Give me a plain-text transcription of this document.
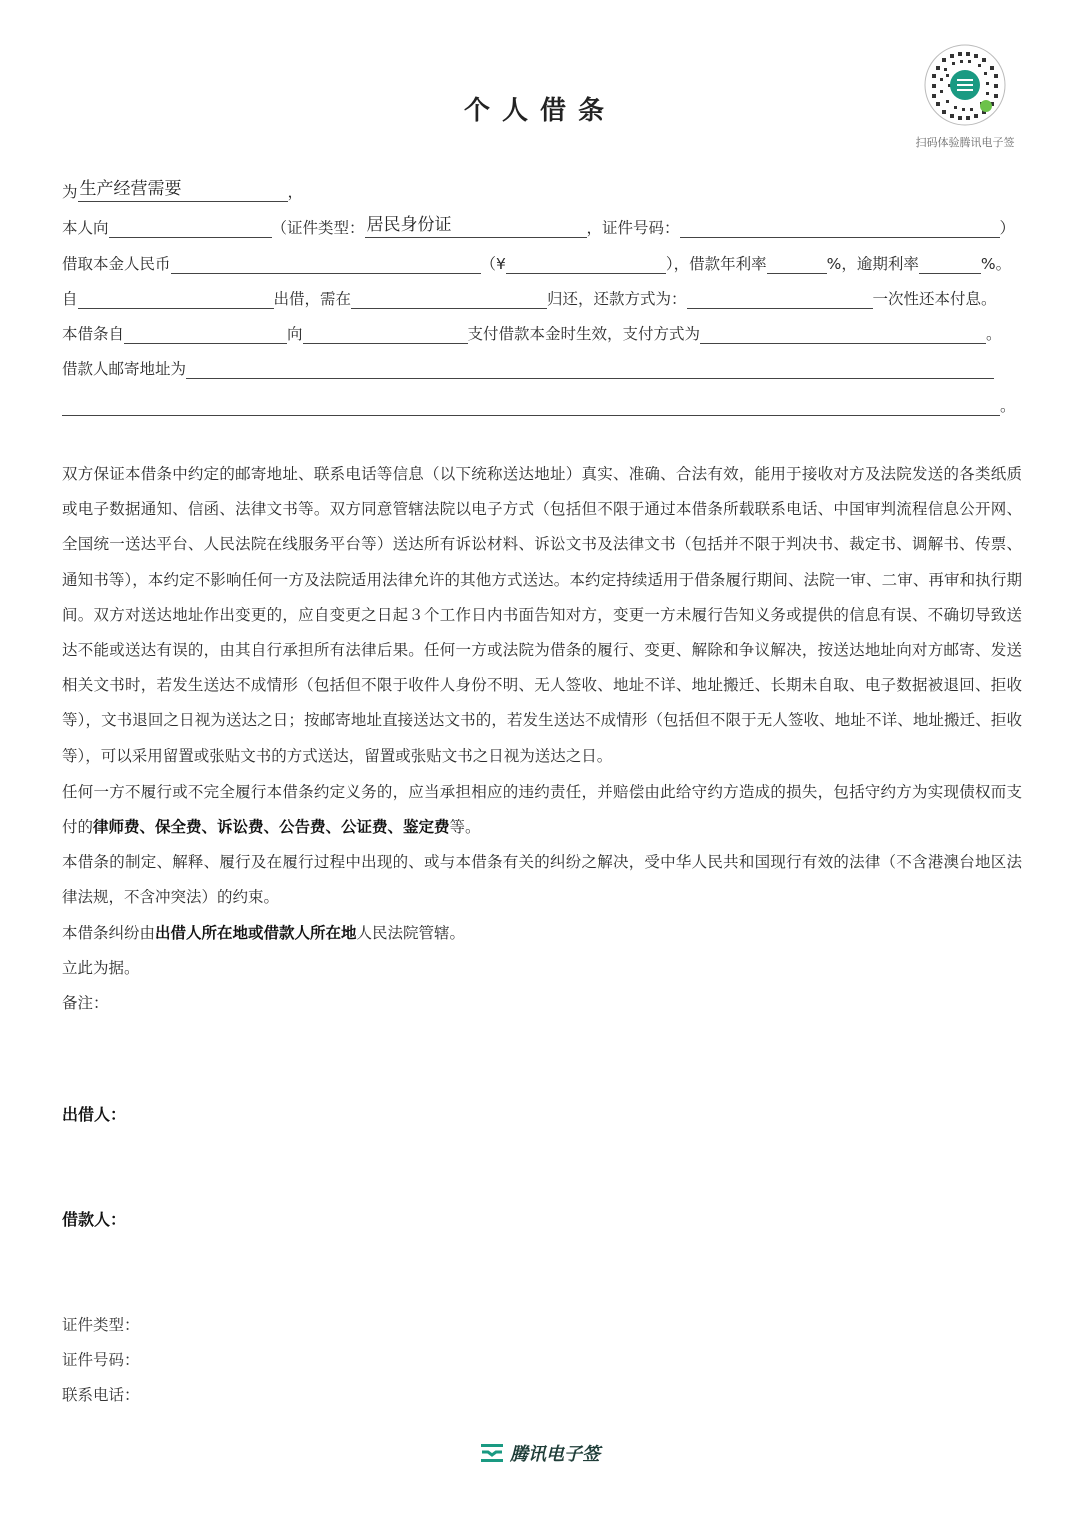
个人借条
扫码体验腾讯电子签
为 生产经营需要	，
本人向	（证件类型： 居民身份证	，证件号码：	）
借取本金人民币	（¥	），借款年利率	%，逾期利率	%。
自	出借，需在	归还，还款方式为：	一次性还本付息。
本借条自	向	支付借款本金时生效，支付方式为	。
借款人邮寄地址为
。

双方保证本借条中约定的邮寄地址、联系电话等信息（以下统称送达地址）真实、准确、合法有效，能用于接收对方及法院发送的各类纸质或电子数据通知、信函、法律文书等。双方同意管辖法院以电子方式（包括但不限于通过本借条所载联系电话、中国审判流程信息公开网、全国统一送达平台、人民法院在线服务平台等）送达所有诉讼材料、诉讼文书及法律文书（包括并不限于判决书、裁定书、调解书、传票、通知书等），本约定不影响任何一方及法院适用法律允许的其他方式送达。本约定持续适用于借条履行期间、法院一审、二审、再审和执行期间。双方对送达地址作出变更的，应自变更之日起３个工作日内书面告知对方，变更一方未履行告知义务或提供的信息有误、不确切导致送达不能或送达有误的，由其自行承担所有法律后果。任何一方或法院为借条的履行、变更、解除和争议解决，按送达地址向对方邮寄、发送相关文书时，若发生送达不成情形（包括但不限于收件人身份不明、无人签收、地址不详、地址搬迁、长期未自取、电子数据被退回、拒收等），文书退回之日视为送达之日；按邮寄地址直接送达文书的，若发生送达不成情形（包括但不限于无人签收、地址不详、地址搬迁、拒收等），可以采用留置或张贴文书的方式送达，留置或张贴文书之日视为送达之日。

任何一方不履行或不完全履行本借条约定义务的，应当承担相应的违约责任，并赔偿由此给守约方造成的损失，包括守约方为实现债权而支付的律师费、保全费、诉讼费、公告费、公证费、鉴定费等。

本借条的制定、解释、履行及在履行过程中出现的、或与本借条有关的纠纷之解决，受中华人民共和国现行有效的法律（不含港澳台地区法律法规，不含冲突法）的约束。

本借条纠纷由出借人所在地或借款人所在地人民法院管辖。

立此为据。

备注：

出借人：
借款人：
证件类型：
证件号码：
联系电话：
腾讯电子签
